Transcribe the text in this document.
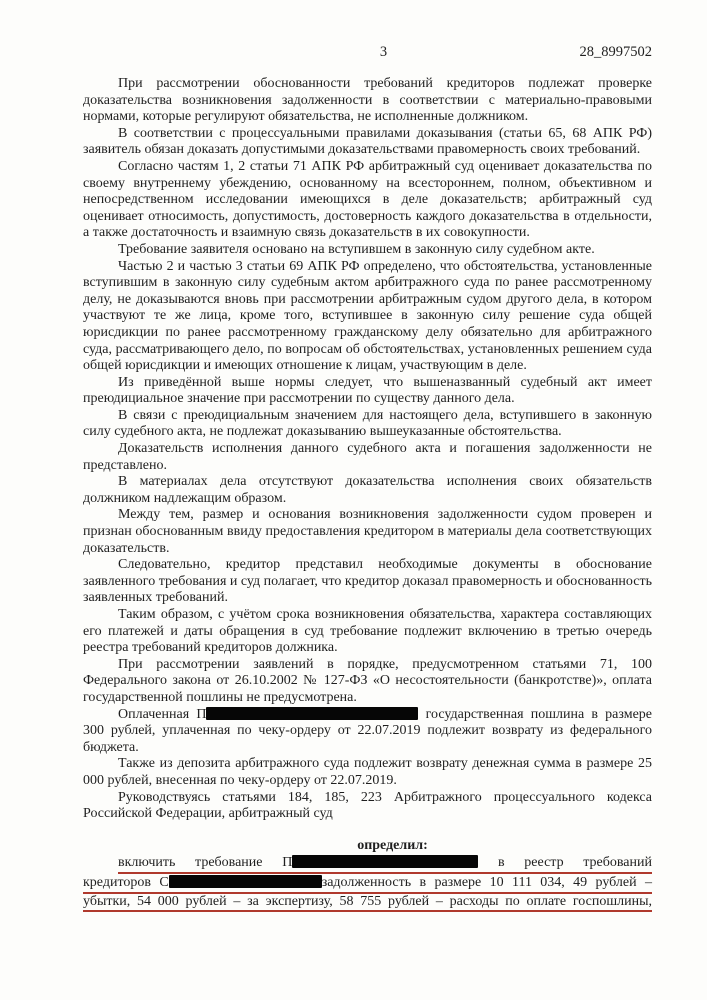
3	28_8997502

При рассмотрении обоснованности требований кредиторов подлежат проверке доказательства возникновения задолженности в соответствии с материально-правовыми нормами, которые регулируют обязательства, не исполненные должником.

В соответствии с процессуальными правилами доказывания (статьи 65, 68 АПК РФ) заявитель обязан доказать допустимыми доказательствами правомерность своих требований.

Согласно частям 1, 2 статьи 71 АПК РФ арбитражный суд оценивает доказательства по своему внутреннему убеждению, основанному на всестороннем, полном, объективном и непосредственном исследовании имеющихся в деле доказательств; арбитражный суд оценивает относимость, допустимость, достоверность каждого доказательства в отдельности, а также достаточность и взаимную связь доказательств в их совокупности.

Требование заявителя основано на вступившем в законную силу судебном акте.

Частью 2 и частью 3 статьи 69 АПК РФ определено, что обстоятельства, установленные вступившим в законную силу судебным актом арбитражного суда по ранее рассмотренному делу, не доказываются вновь при рассмотрении арбитражным судом другого дела, в котором участвуют те же лица, кроме того, вступившее в законную силу решение суда общей юрисдикции по ранее рассмотренному гражданскому делу обязательно для арбитражного суда, рассматривающего дело, по вопросам об обстоятельствах, установленных решением суда общей юрисдикции и имеющих отношение к лицам, участвующим в деле.

Из приведённой выше нормы следует, что вышеназванный судебный акт имеет преюдициальное значение при рассмотрении по существу данного дела.

В связи с преюдициальным значением для настоящего дела, вступившего в законную силу судебного акта, не подлежат доказыванию вышеуказанные обстоятельства.

Доказательств исполнения данного судебного акта и погашения задолженности не представлено.

В материалах дела отсутствуют доказательства исполнения своих обязательств должником надлежащим образом.

Между тем, размер и основания возникновения задолженности судом проверен и признан обоснованным ввиду предоставления кредитором в материалы дела соответствующих доказательств.

Следовательно, кредитор представил необходимые документы в обоснование заявленного требования и суд полагает, что кредитор доказал правомерность и обоснованность заявленных требований.

Таким образом, с учётом срока возникновения обязательства, характера составляющих его платежей и даты обращения в суд требование подлежит включению в третью очередь реестра требований кредиторов должника.

При рассмотрении заявлений в порядке, предусмотренном статьями 71, 100 Федерального закона от 26.10.2002 № 127-ФЗ «О несостоятельности (банкротстве)», оплата государственной пошлины не предусмотрена.

Оплаченная П	государственная пошлина в размере 300 рублей, уплаченная по чеку-ордеру от 22.07.2019 подлежит возврату из федерального бюджета.

Также из депозита арбитражного суда подлежит возврату денежная сумма в размере 25 000 рублей, внесенная по чеку-ордеру от 22.07.2019.

Руководствуясь статьями 184, 185, 223 Арбитражного процессуального кодекса Российской Федерации, арбитражный суд

определил:
включить требование П	в реестр требований
кредиторов С	задолженность в размере 10 111 034, 49 рублей –
убытки, 54 000 рублей – за экспертизу, 58 755 рублей – расходы по оплате госпошлины,
